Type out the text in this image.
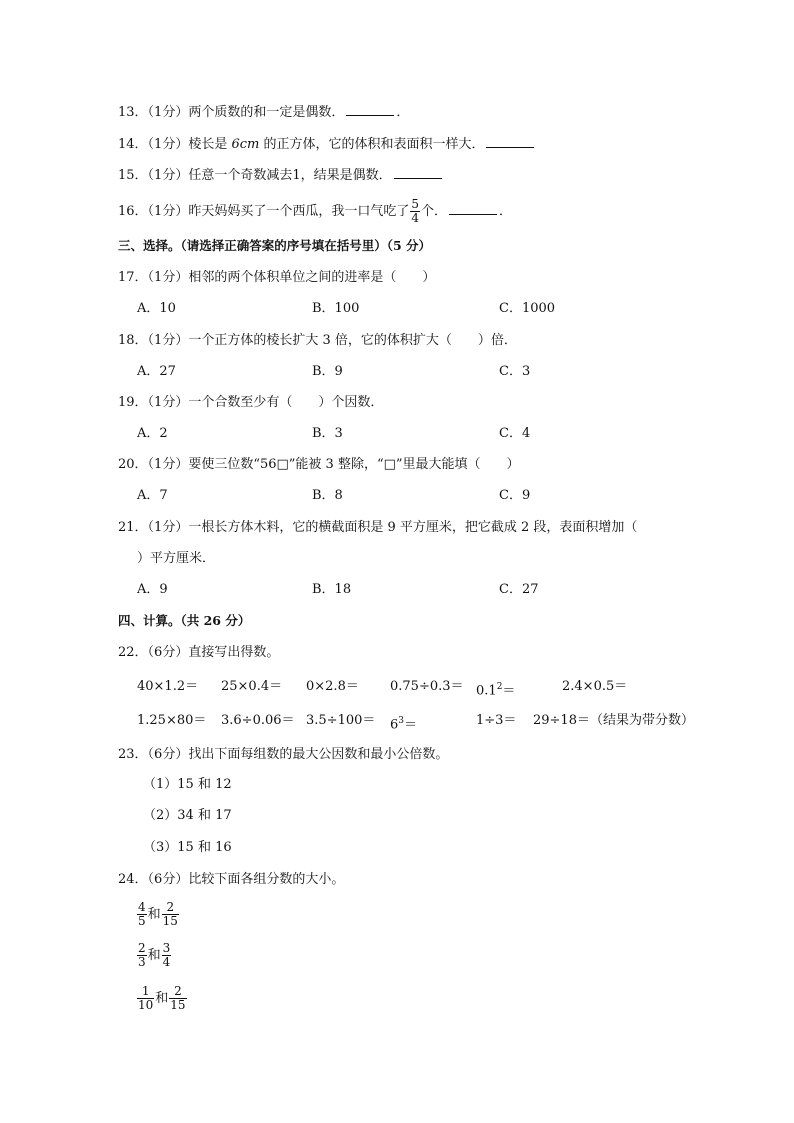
13．（1分）两个质数的和一定是偶数．	．
14．（1分）棱长是 6cm 的正方体，它的体积和表面积一样大．
15．（1分）任意一个奇数减去1，结果是偶数．
16．（1分）昨天妈妈买了一个西瓜，我一口气吃了 $\frac{5}{4}$ 个．	．
三、选择。（请选择正确答案的序号填在括号里）（5 分）
17．（1分）相邻的两个体积单位之间的进率是（　　）
A．10	B．100	C．1000
18．（1分）一个正方体的棱长扩大 3 倍，它的体积扩大（　　）倍．
A．27	B．9	C．3
19．（1分）一个合数至少有（　　）个因数．
A．2	B．3	C．4
20．（1分）要使三位数“56□”能被 3 整除，“□”里最大能填（　　）
A．7	B．8	C．9
21．（1分）一根长方体木料，它的横截面积是 9 平方厘米，把它截成 2 段，表面积增加（
）平方厘米．
A．9	B．18	C．27
四、计算。（共 26 分）
22．（6分）直接写出得数。
$40\times 1.2= 25\times 0.4= 0\times 2.8= 0.75\div 0.3= 0.1^2=$	2.4×0.5＝
$1.25\times 80= 3.6\div 0.06= 3.5\div 100= 6^3=$	1÷3＝ 29÷18＝（结果为带分数）
23．（6分）找出下面每组数的最大公因数和最小公倍数。
（1）15 和 12
（2）34 和 17
（3）15 和 16
24．（6分）比较下面各组分数的大小。
$\frac{4}{5}$ 和 $\frac{2}{15}$
$\frac{2}{3}$ 和 $\frac{3}{4}$
$\frac{1}{10}$ 和 $\frac{2}{15}$
